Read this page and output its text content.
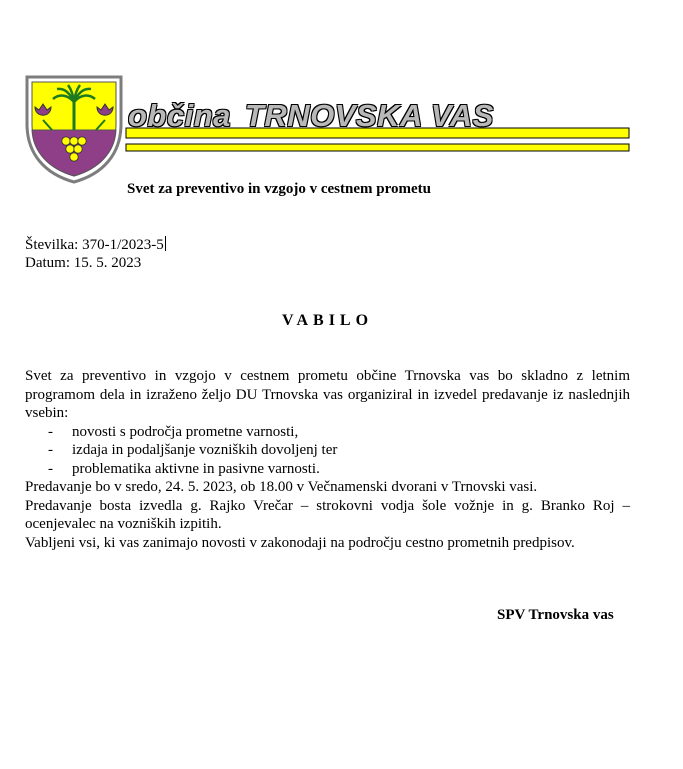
občina TRNOVSKA VAS
Svet za preventivo in vzgojo v cestnem prometu
Številka: 370-1/2023-5
Datum: 15. 5. 2023
VABILO

Svet za preventivo in vzgojo v cestnem prometu občine Trnovska vas bo skladno z letnim programom dela in izraženo željo DU Trnovska vas organiziral in izvedel predavanje iz naslednjih vsebin:

- novosti s področja prometne varnosti,
- izdaja in podaljšanje vozniških dovoljenj ter
- problematika aktivne in pasivne varnosti.

Predavanje bo v sredo, 24. 5. 2023, ob 18.00 v Večnamenski dvorani v Trnovski vasi.

Predavanje bosta izvedla g. Rajko Vrečar – strokovni vodja šole vožnje in g. Branko Roj – ocenjevalec na vozniških izpitih.

Vabljeni vsi, ki vas zanimajo novosti v zakonodaji na področju cestno prometnih predpisov.

SPV Trnovska vas
